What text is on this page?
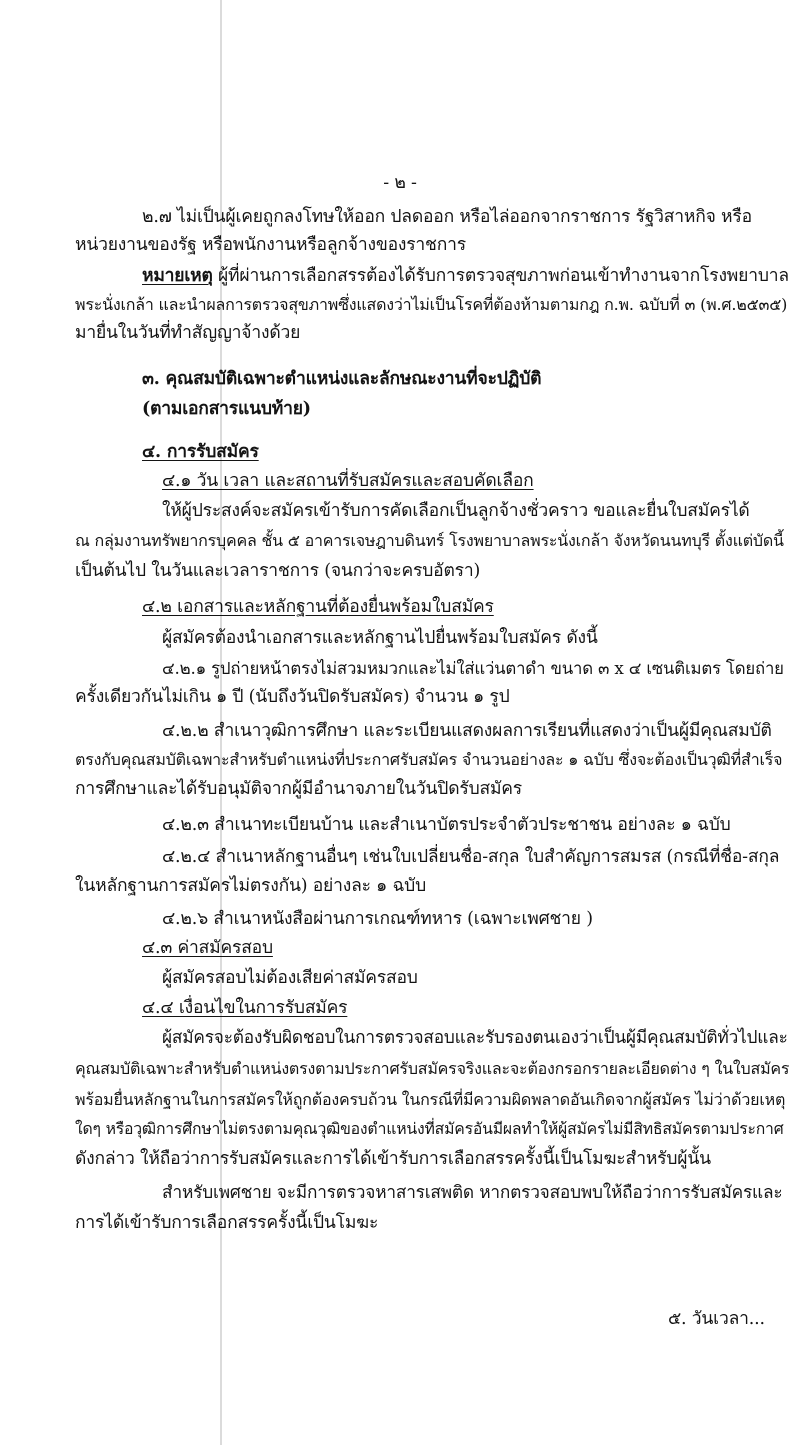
- ๒ -
๒.๗ ไม่เป็นผู้เคยถูกลงโทษให้ออก ปลดออก หรือไล่ออกจากราชการ รัฐวิสาหกิจ หรือ
หน่วยงานของรัฐ หรือพนักงานหรือลูกจ้างของราชการ
หมายเหตุ ผู้ที่ผ่านการเลือกสรรต้องได้รับการตรวจสุขภาพก่อนเข้าทำงานจากโรงพยาบาล
พระนั่งเกล้า และนำผลการตรวจสุขภาพซึ่งแสดงว่าไม่เป็นโรคที่ต้องห้ามตามกฎ ก.พ. ฉบับที่ ๓ (พ.ศ.๒๕๓๕)
มายื่นในวันที่ทำสัญญาจ้างด้วย
๓. คุณสมบัติเฉพาะตำแหน่งและลักษณะงานที่จะปฏิบัติ
(ตามเอกสารแนบท้าย)
๔. การรับสมัคร
๔.๑ วัน เวลา และสถานที่รับสมัครและสอบคัดเลือก
ให้ผู้ประสงค์จะสมัครเข้ารับการคัดเลือกเป็นลูกจ้างชั่วคราว ขอและยื่นใบสมัครได้
ณ กลุ่มงานทรัพยากรบุคคล ชั้น ๕ อาคารเจษฎาบดินทร์ โรงพยาบาลพระนั่งเกล้า จังหวัดนนทบุรี ตั้งแต่บัดนี้
เป็นต้นไป ในวันและเวลาราชการ (จนกว่าจะครบอัตรา)
๔.๒ เอกสารและหลักฐานที่ต้องยื่นพร้อมใบสมัคร
ผู้สมัครต้องนำเอกสารและหลักฐานไปยื่นพร้อมใบสมัคร ดังนี้
๔.๒.๑ รูปถ่ายหน้าตรงไม่สวมหมวกและไม่ใส่แว่นตาดำ ขนาด ๓ x ๔ เซนติเมตร โดยถ่าย
ครั้งเดียวกันไม่เกิน ๑ ปี (นับถึงวันปิดรับสมัคร) จำนวน ๑ รูป
๔.๒.๒ สำเนาวุฒิการศึกษา และระเบียนแสดงผลการเรียนที่แสดงว่าเป็นผู้มีคุณสมบัติ
ตรงกับคุณสมบัติเฉพาะสำหรับตำแหน่งที่ประกาศรับสมัคร จำนวนอย่างละ ๑ ฉบับ ซึ่งจะต้องเป็นวุฒิที่สำเร็จ
การศึกษาและได้รับอนุมัติจากผู้มีอำนาจภายในวันปิดรับสมัคร
๔.๒.๓ สำเนาทะเบียนบ้าน และสำเนาบัตรประจำตัวประชาชน อย่างละ ๑ ฉบับ
๔.๒.๔ สำเนาหลักฐานอื่นๆ เช่นใบเปลี่ยนชื่อ-สกุล ใบสำคัญการสมรส (กรณีที่ชื่อ-สกุล
ในหลักฐานการสมัครไม่ตรงกัน) อย่างละ ๑ ฉบับ
๔.๒.๖ สำเนาหนังสือผ่านการเกณฑ์ทหาร (เฉพาะเพศชาย )
๔.๓ ค่าสมัครสอบ
ผู้สมัครสอบไม่ต้องเสียค่าสมัครสอบ
๔.๔ เงื่อนไขในการรับสมัคร
ผู้สมัครจะต้องรับผิดชอบในการตรวจสอบและรับรองตนเองว่าเป็นผู้มีคุณสมบัติทั่วไปและ
คุณสมบัติเฉพาะสำหรับตำแหน่งตรงตามประกาศรับสมัครจริงและจะต้องกรอกรายละเอียดต่าง ๆ ในใบสมัคร
พร้อมยื่นหลักฐานในการสมัครให้ถูกต้องครบถ้วน ในกรณีที่มีความผิดพลาดอันเกิดจากผู้สมัคร ไม่ว่าด้วยเหตุ
ใดๆ หรือวุฒิการศึกษาไม่ตรงตามคุณวุฒิของตำแหน่งที่สมัครอันมีผลทำให้ผู้สมัครไม่มีสิทธิสมัครตามประกาศ
ดังกล่าว ให้ถือว่าการรับสมัครและการได้เข้ารับการเลือกสรรครั้งนี้เป็นโมฆะสำหรับผู้นั้น
สำหรับเพศชาย จะมีการตรวจหาสารเสพติด หากตรวจสอบพบให้ถือว่าการรับสมัครและ
การได้เข้ารับการเลือกสรรครั้งนี้เป็นโมฆะ
๕. วันเวลา...
